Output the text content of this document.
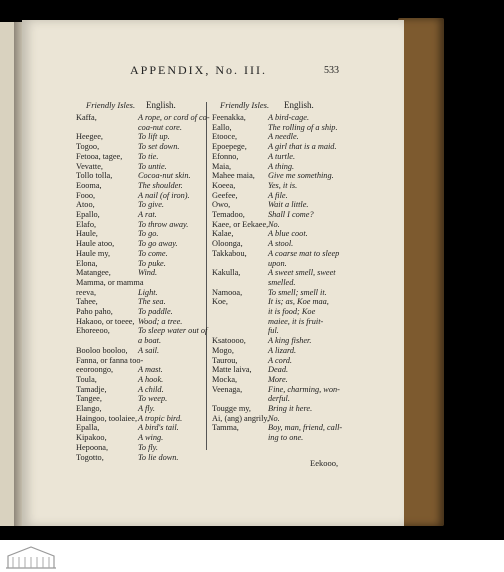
APPENDIX, No. III.	533
Friendly Isles. English.	Friendly Isles. English.
Kaffa,	A rope, or cord of co-
coa-nut core.
Heegee,	To lift up.
Togoo,	To set down.
Fetooa, tagee, To tie.
Vevatte,	To untie.
Tollo tolla,	Cocoa-nut skin.
Eooma,	The shoulder.
Fooo,	A nail (of iron).
Atoo,	To give.
Epallo,	A rat.
Elafo,	To throw away.
Haule,	To go.
Haule atoo,	To go away.
Haule my,	To come.
Elona,	To puke.
Matangee,	Wind.
Mamma, or mamma
reeva,	Light.
Tahee,	The sea.
Paho paho,	To paddle.
Hakaoo, or toeee, Wood; a tree.
Ehoreeoo,	To sleep water out of
a boat.
Booloo booloo, A sail.
Fanna, or fanna too-
eeoroongo,	A mast.
Toula,	A hook.
Tamadje,	A child.
Tangee,	To weep.
Elango,	A fly.
Haingoo, toolaiee, A tropic bird.
Epalla,	A bird's tail.
Kipakoo,	A wing.
Hepoona,	To fly.
Togotto,	To lie down.
Feenakka,	A bird-cage.
Eallo,	The rolling of a ship.
Etooce,	A needle.
Epoepege,	A girl that is a maid.
Efonno,	A turtle.
Maia,	A thing.
Mahee maia, Give me something.
Koeea,	Yes, it is.
Geefee,	A file.
Owo,	Wait a little.
Temadoo,	Shall I come?
Kaee, or Eekaee, No.
Kalae,	A blue coot.
Oloonga,	A stool.
Takkabou,	A coarse mat to sleep
upon.
Kakulla,	A sweet smell, sweet
smelled.
Namooa,	To smell; smell it.
Koe,	It is; as, Koe maa,
it is food; Koe
maiee, it is fruit-
ful.
Ksatoooo,	A king fisher.
Mogo,	A lizard.
Taurou,	A cord.
Matte laiva, Dead.
Mocka,	More.
Veenaga,	Fine, charming, won-
derful.
Tougge my, Bring it here.
Ai, (ang) angrily,
No.
Tamma,	Boy, man, friend, call-
ing to one.
Eekooo,
